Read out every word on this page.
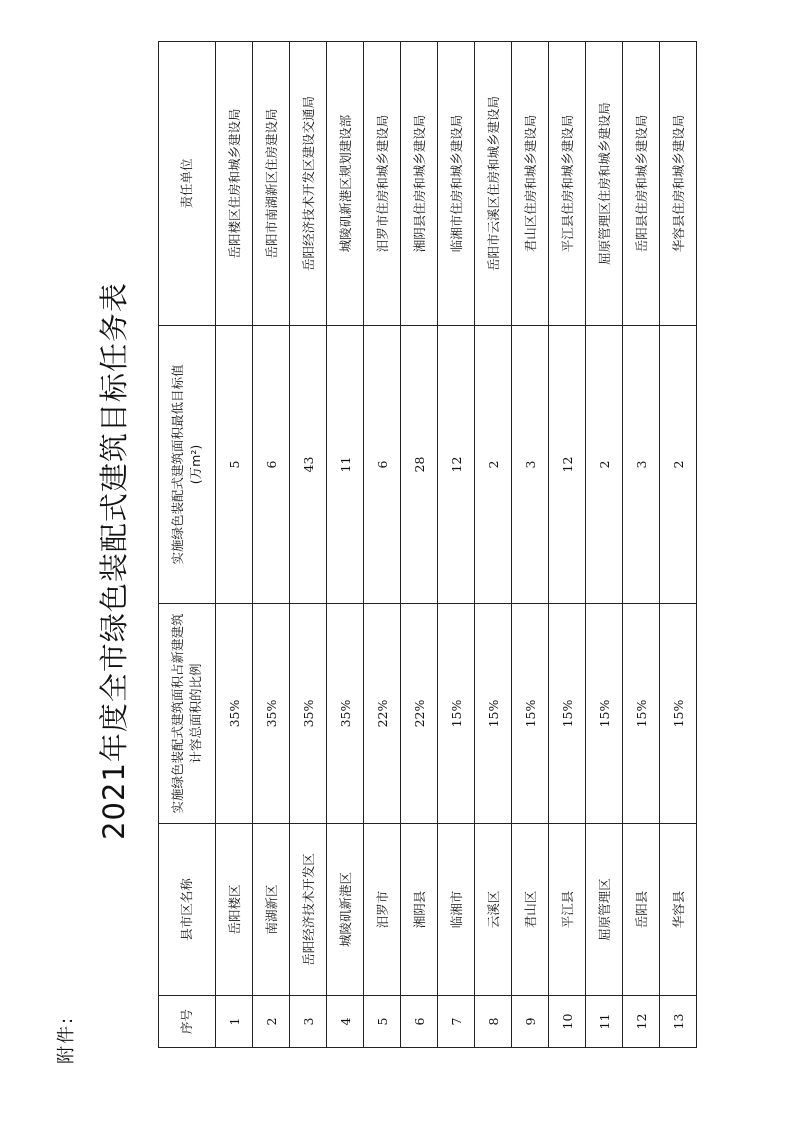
附件:
2021年度全市绿色装配式建筑目标任务表
序号	县市区名称	实施绿色装配式建筑面积占新建建筑计容总面积的比例	实施绿色装配式建筑面积最低目标值 (万m²)	责任单位
1	岳阳楼区	35%	5	岳阳楼区住房和城乡建设局
2	南湖新区	35%	6	岳阳市南湖新区住房建设局
3	岳阳经济技术开发区	35%	43	岳阳经济技术开发区建设交通局
4	城陵矶新港区	35%	11	城陵矶新港区规划建设部
5	汨罗市	22%	6	汨罗市住房和城乡建设局
6	湘阴县	22%	28	湘阴县住房和城乡建设局
7	临湘市	15%	12	临湘市住房和城乡建设局
8	云溪区	15%	2	岳阳市云溪区住房和城乡建设局
9	君山区	15%	3	君山区住房和城乡建设局
10	平江县	15%	12	平江县住房和城乡建设局
11	屈原管理区	15%	2	屈原管理区住房和城乡建设局
12	岳阳县	15%	3	岳阳县住房和城乡建设局
13	华容县	15%	2	华容县住房和城乡建设局
